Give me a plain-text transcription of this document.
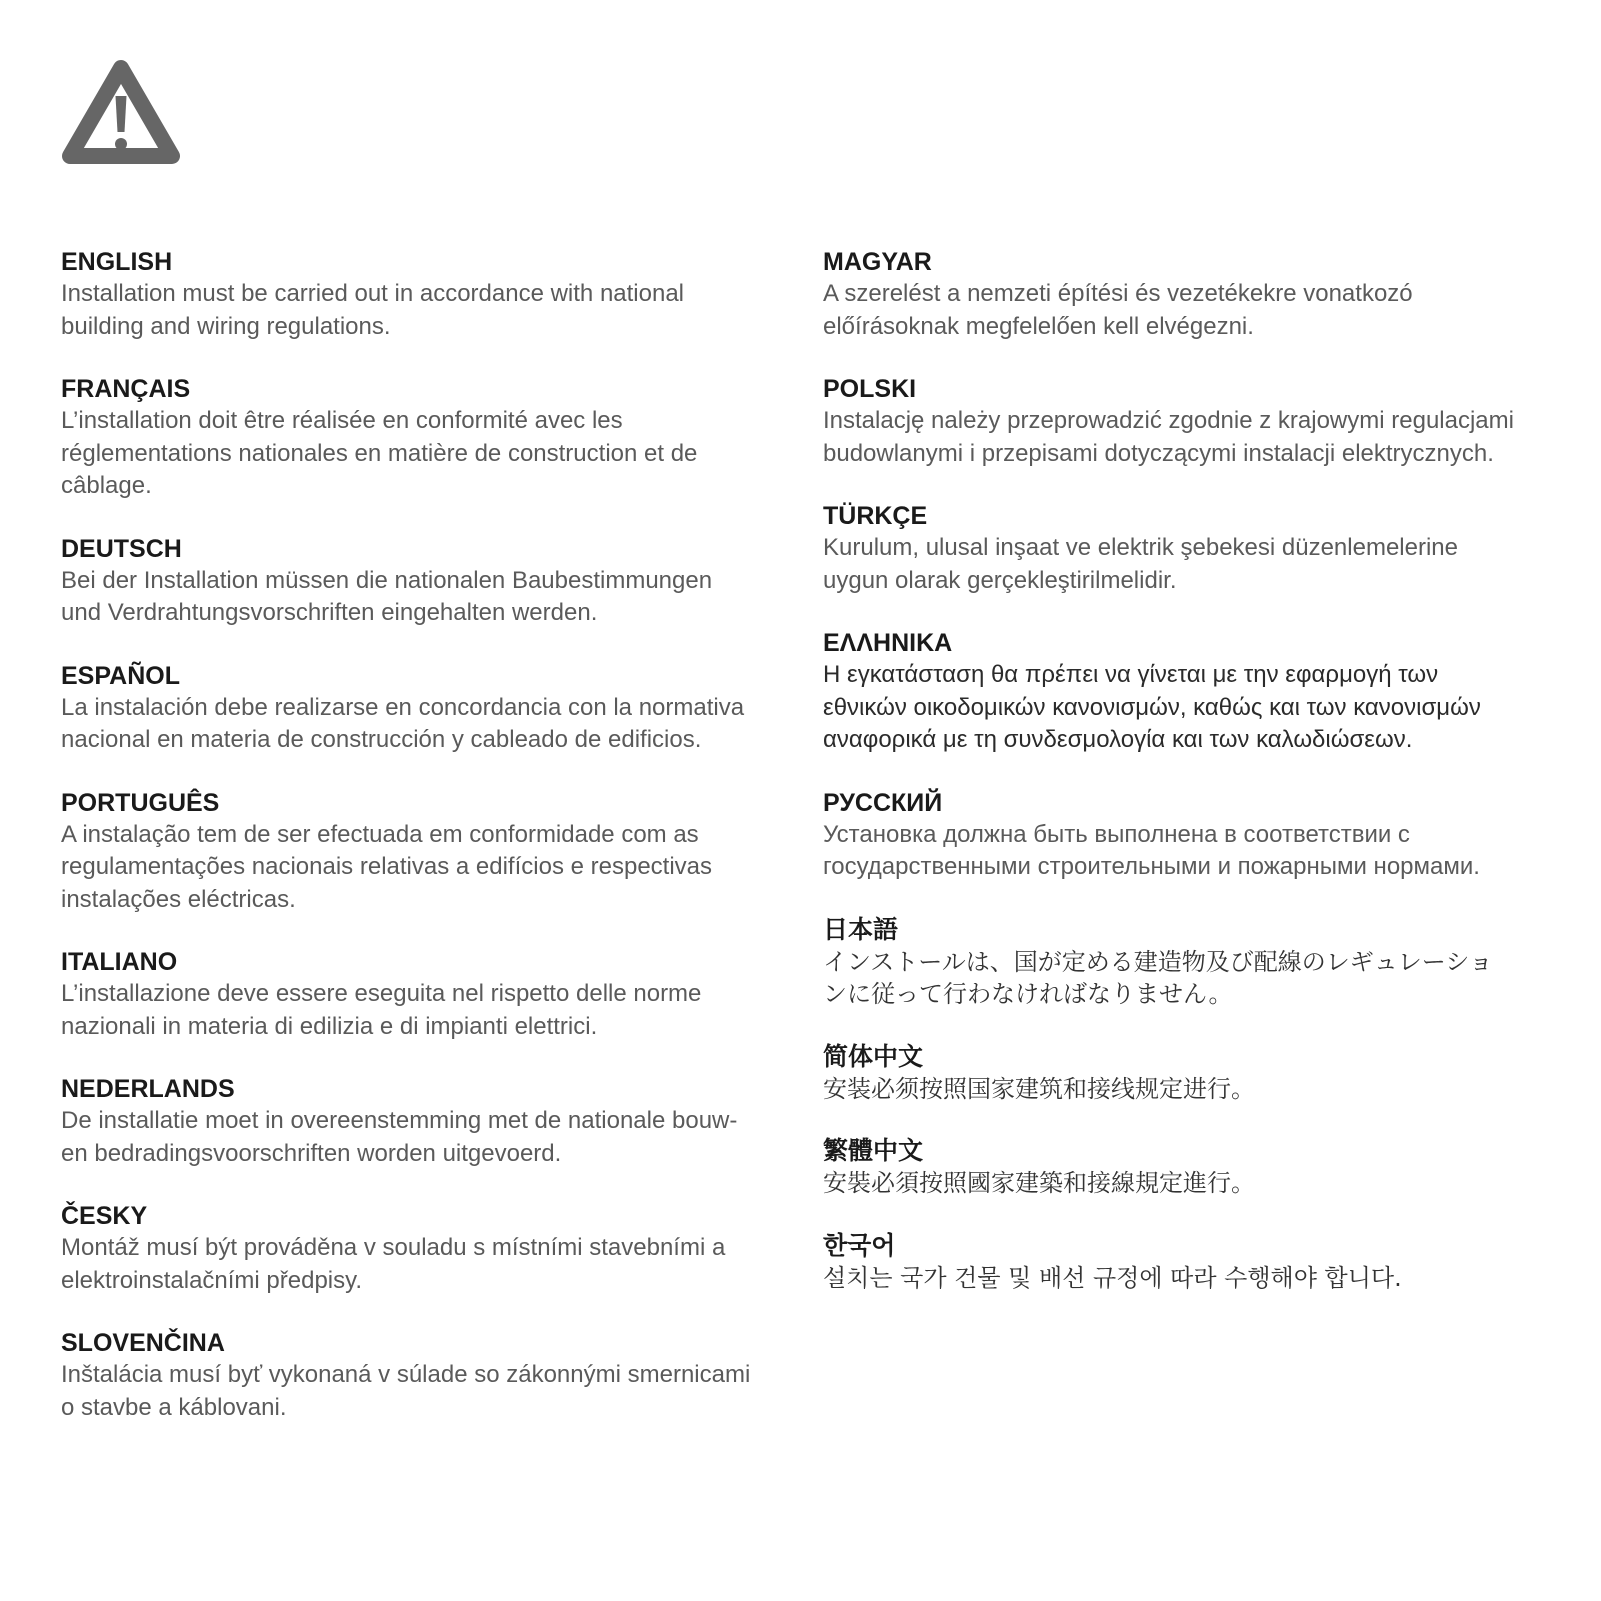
ENGLISH

Installation must be carried out in accordance with national
building and wiring regulations.

FRANÇAIS

L’installation doit être réalisée en conformité avec les
réglementations nationales en matière de construction et de
câblage.

DEUTSCH

Bei der Installation müssen die nationalen Baubestimmungen
und Verdrahtungsvorschriften eingehalten werden.

ESPAÑOL

La instalación debe realizarse en concordancia con la normativa
nacional en materia de construcción y cableado de edificios.

PORTUGUÊS

A instalação tem de ser efectuada em conformidade com as
regulamentações nacionais relativas a edifícios e respectivas
instalações eléctricas.

ITALIANO

L’installazione deve essere eseguita nel rispetto delle norme
nazionali in materia di edilizia e di impianti elettrici.

NEDERLANDS

De installatie moet in overeenstemming met de nationale bouw-
en bedradingsvoorschriften worden uitgevoerd.

ČESKY

Montáž musí být prováděna v souladu s místními stavebními a
elektroinstalačními předpisy.

SLOVENČINA

Inštalácia musí byť vykonaná v súlade so zákonnými smernicami
o stavbe a káblovani.

MAGYAR

A szerelést a nemzeti építési és vezetékekre vonatkozó
előírásoknak megfelelően kell elvégezni.

POLSKI

Instalację należy przeprowadzić zgodnie z krajowymi regulacjami
budowlanymi i przepisami dotyczącymi instalacji elektrycznych.

TÜRKÇE

Kurulum, ulusal inşaat ve elektrik şebekesi düzenlemelerine
uygun olarak gerçekleştirilmelidir.

ΕΛΛΗΝΙΚΑ

Η εγκατάσταση θα πρέπει να γίνεται με την εφαρμογή των
εθνικών οικοδομικών κανονισμών, καθώς και των κανονισμών
αναφορικά με τη συνδεσμολογία και των καλωδιώσεων.

РУССКИЙ

Установка должна быть выполнена в соответствии с
государственными строительными и пожарными нормами.

日本語

インストールは、国が定める建造物及び配線のレギュレーショ
ンに従って行わなければなりません。

简体中文

安装必须按照国家建筑和接线规定进行。

繁體中文

安裝必須按照國家建築和接線規定進行。

한국어

설치는 국가 건물 및 배선 규정에 따라 수행해야 합니다.
